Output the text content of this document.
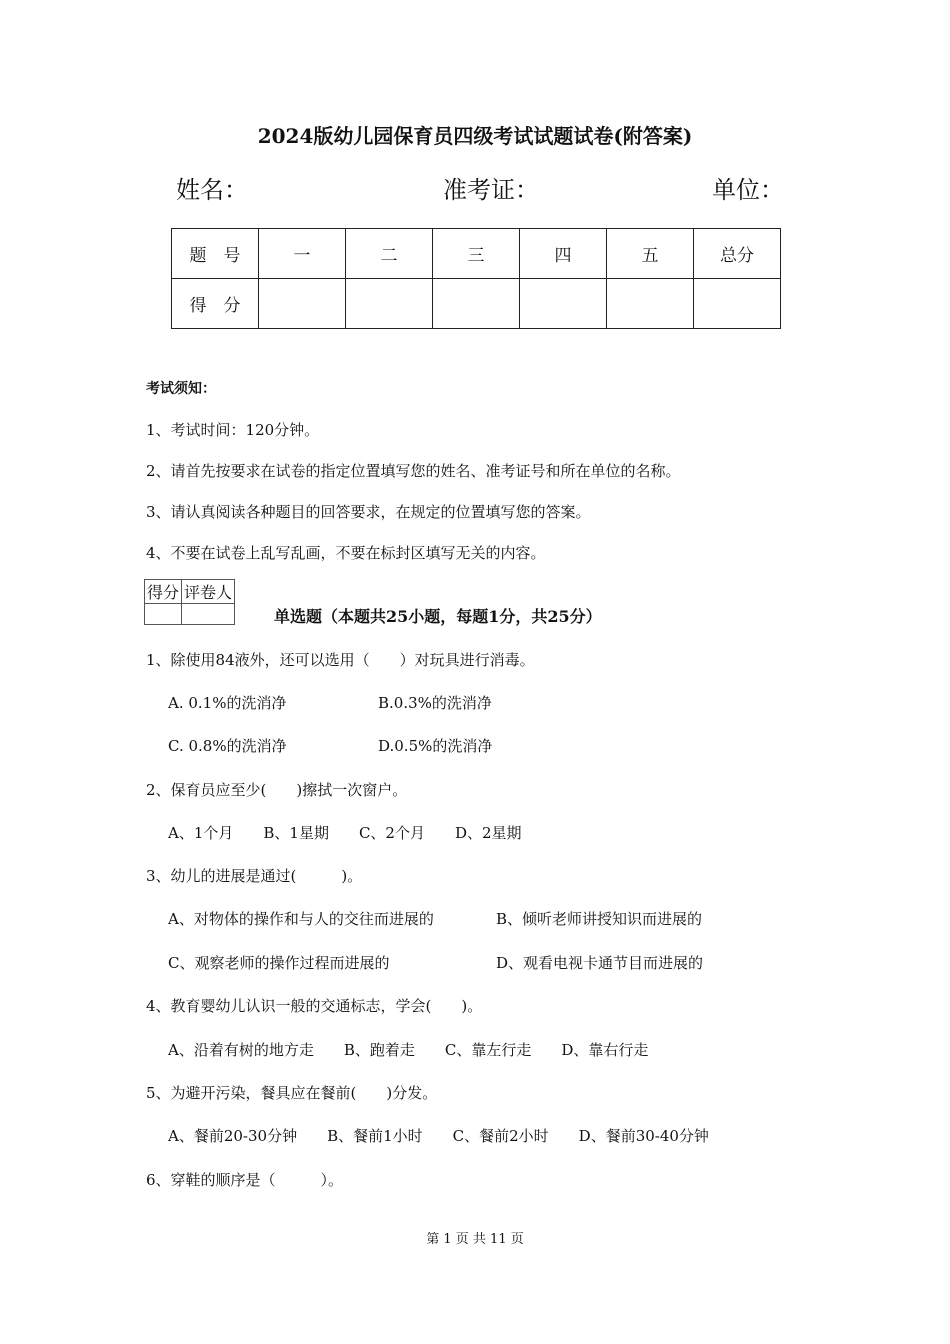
2024版幼儿园保育员四级考试试题试卷(附答案)
姓名：	准考证：	单位：
题　号	一	二	三	四	五	总分
得　分						
考试须知：
1、考试时间：120分钟。
2、请首先按要求在试卷的指定位置填写您的姓名、准考证号和所在单位的名称。
3、请认真阅读各种题目的回答要求，在规定的位置填写您的答案。
4、不要在试卷上乱写乱画，不要在标封区填写无关的内容。
得分	评卷人

单选题（本题共25小题，每题1分，共25分）
1、除使用84液外，还可以选用（　　）对玩具进行消毒。
A. 0.1%的洗消净	B.0.3%的洗消净
C. 0.8%的洗消净	D.0.5%的洗消净
2、保育员应至少(　　)擦拭一次窗户。
A、1个月　　B、1星期　　C、2个月　　D、2星期
3、幼儿的进展是通过(　　　)。
A、对物体的操作和与人的交往而进展的	B、倾听老师讲授知识而进展的
C、观察老师的操作过程而进展的	D、观看电视卡通节目而进展的
4、教育婴幼儿认识一般的交通标志，学会(　　)。
A、沿着有树的地方走　　B、跑着走　　C、靠左行走　　D、靠右行走
5、为避开污染，餐具应在餐前(　　)分发。
A、餐前20-30分钟　　B、餐前1小时　　C、餐前2小时　　D、餐前30-40分钟
6、穿鞋的顺序是（　　　）。
第 1 页 共 11 页
